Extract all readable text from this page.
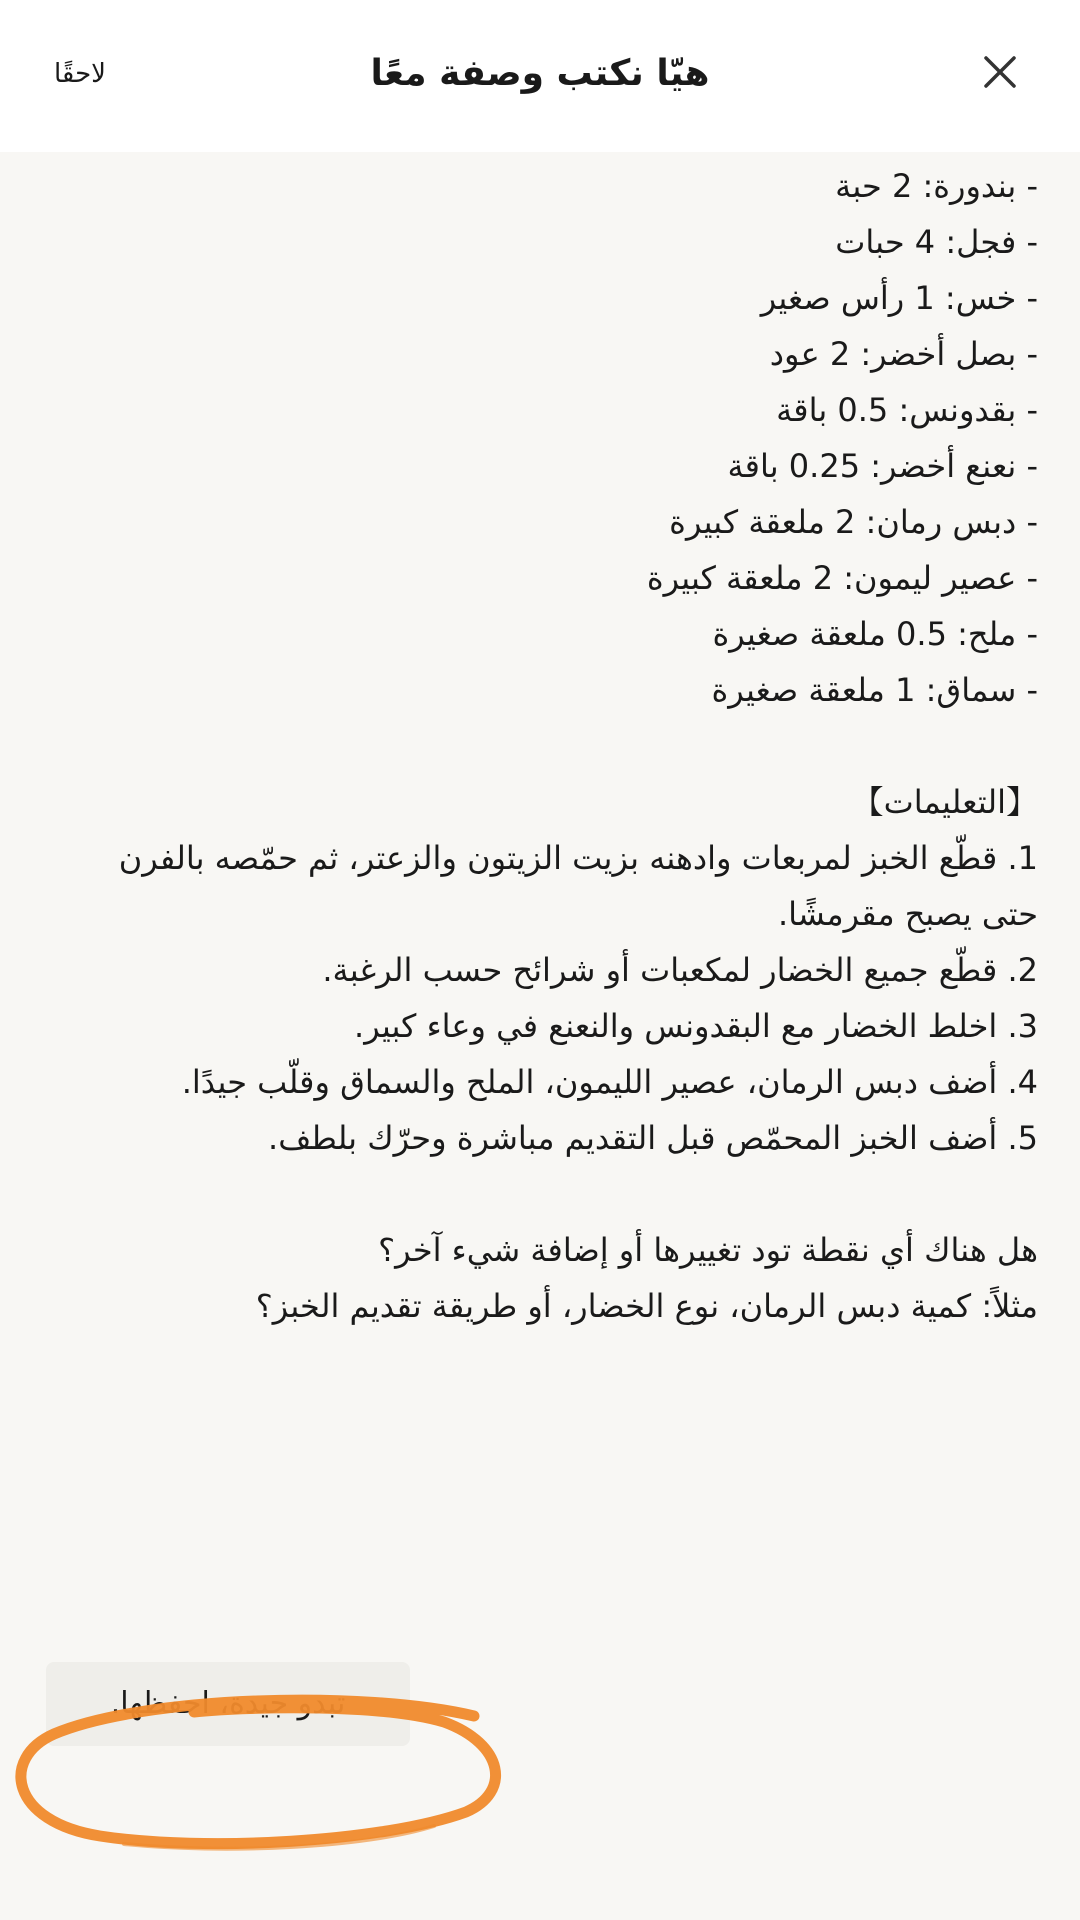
هيّا نكتب وصفة معًا
لاحقًا
- بندورة: 2 حبة
- فجل: 4 حبات
- خس: 1 رأس صغير
- بصل أخضر: 2 عود
- بقدونس: 0.5 باقة
- نعنع أخضر: 0.25 باقة
- دبس رمان: 2 ملعقة كبيرة
- عصير ليمون: 2 ملعقة كبيرة
- ملح: 0.5 ملعقة صغيرة
- سماق: 1 ملعقة صغيرة
【التعليمات】
1. قطّع الخبز لمربعات وادهنه بزيت الزيتون والزعتر، ثم حمّصه بالفرن حتى يصبح مقرمشًا.
2. قطّع جميع الخضار لمكعبات أو شرائح حسب الرغبة.
3. اخلط الخضار مع البقدونس والنعنع في وعاء كبير.
4. أضف دبس الرمان، عصير الليمون، الملح والسماق وقلّب جيدًا.
5. أضف الخبز المحمّص قبل التقديم مباشرة وحرّك بلطف.
هل هناك أي نقطة تود تغييرها أو إضافة شيء آخر؟
مثلاً: كمية دبس الرمان، نوع الخضار، أو طريقة تقديم الخبز؟
تبدو جيدة، احفظها.
